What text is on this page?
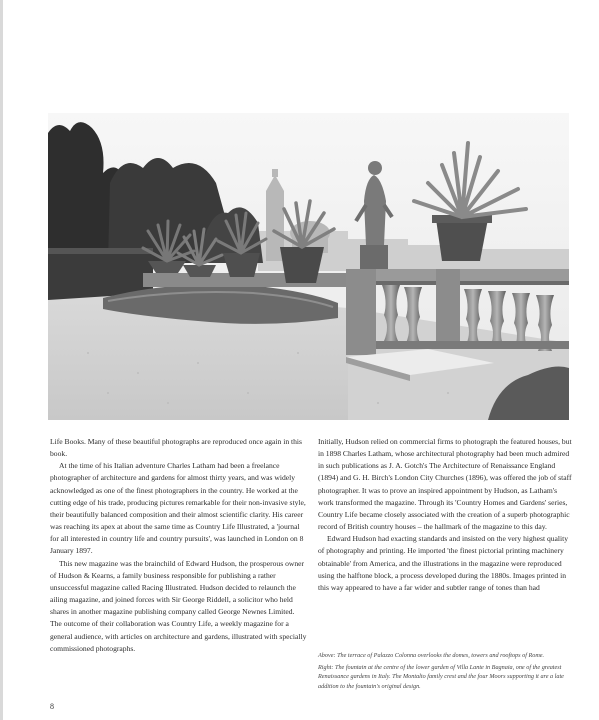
Life Books. Many of these beautiful photographs are reproduced once again in this book.

At the time of his Italian adventure Charles Latham had been a freelance photographer of architecture and gardens for almost thirty years, and was widely acknowledged as one of the finest photographers in the country. He worked at the cutting edge of his trade, producing pictures remarkable for their non-invasive style, their beautifully balanced composition and their almost scientific clarity. His career was reaching its apex at about the same time as Country Life Illustrated, a 'journal for all interested in country life and country pursuits', was launched in London on 8 January 1897.

This new magazine was the brainchild of Edward Hudson, the prosperous owner of Hudson & Kearns, a family business responsible for publishing a rather unsuccessful magazine called Racing Illustrated. Hudson decided to relaunch the ailing magazine, and joined forces with Sir George Riddell, a solicitor who held shares in another magazine publishing company called George Newnes Limited. The outcome of their collaboration was Country Life, a weekly magazine for a general audience, with articles on architecture and gardens, illustrated with specially commissioned photographs.

Initially, Hudson relied on commercial firms to photograph the featured houses, but in 1898 Charles Latham, whose architectural photography had been much admired in such publications as J. A. Gotch's The Architecture of Renaissance England (1894) and G. H. Birch's London City Churches (1896), was offered the job of staff photographer. It was to prove an inspired appointment by Hudson, as Latham's work transformed the magazine. Through its 'Country Homes and Gardens' series, Country Life became closely associated with the creation of a superb photographic record of British country houses – the hallmark of the magazine to this day.

Edward Hudson had exacting standards and insisted on the very highest quality of photography and printing. He imported 'the finest pictorial printing machinery obtainable' from America, and the illustrations in the magazine were reproduced using the halftone block, a process developed during the 1880s. Images printed in this way appeared to have a far wider and subtler range of tones than had

Above: The terrace of Palazzo Colonna overlooks the domes, towers and rooftops of Rome.

Right: The fountain at the centre of the lower garden of Villa Lante in Bagnaia, one of the greatest Renaissance gardens in Italy. The Montalto family crest and the four Moors supporting it are a late addition to the fountain's original design.

8
